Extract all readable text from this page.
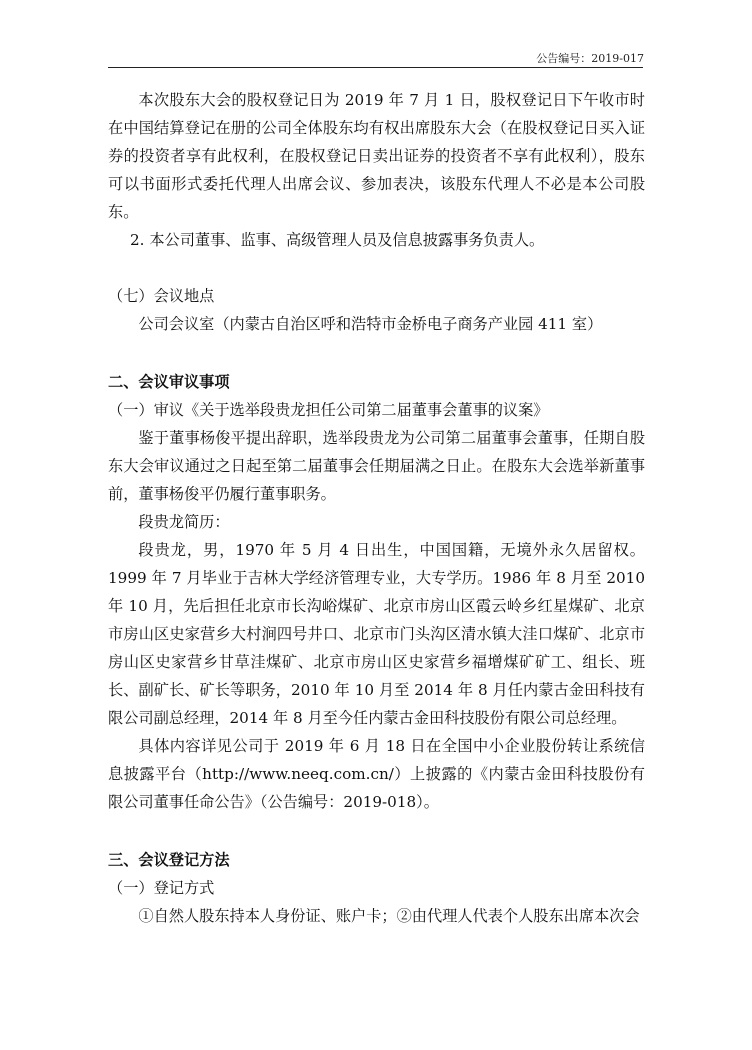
公告编号：2019-017

本次股东大会的股权登记日为 2019 年 7 月 1 日，股权登记日下午收市时在中国结算登记在册的公司全体股东均有权出席股东大会（在股权登记日买入证券的投资者享有此权利，在股权登记日卖出证券的投资者不享有此权利），股东可以书面形式委托代理人出席会议、参加表决，该股东代理人不必是本公司股东。

2. 本公司董事、监事、高级管理人员及信息披露事务负责人。

（七）会议地点

公司会议室（内蒙古自治区呼和浩特市金桥电子商务产业园 411 室）

二、会议审议事项

（一）审议《关于选举段贵龙担任公司第二届董事会董事的议案》

鉴于董事杨俊平提出辞职，选举段贵龙为公司第二届董事会董事，任期自股东大会审议通过之日起至第二届董事会任期届满之日止。在股东大会选举新董事前，董事杨俊平仍履行董事职务。

段贵龙简历：

段贵龙，男，1970 年 5 月 4 日出生，中国国籍，无境外永久居留权。1999 年 7 月毕业于吉林大学经济管理专业，大专学历。1986 年 8 月至 2010 年 10 月，先后担任北京市长沟峪煤矿、北京市房山区霞云岭乡红星煤矿、北京市房山区史家营乡大村涧四号井口、北京市门头沟区清水镇大洼口煤矿、北京市房山区史家营乡甘草洼煤矿、北京市房山区史家营乡福增煤矿矿工、组长、班长、副矿长、矿长等职务，2010 年 10 月至 2014 年 8 月任内蒙古金田科技有限公司副总经理，2014 年 8 月至今任内蒙古金田科技股份有限公司总经理。

具体内容详见公司于 2019 年 6 月 18 日在全国中小企业股份转让系统信息披露平台（http://www.neeq.com.cn/）上披露的《内蒙古金田科技股份有限公司董事任命公告》（公告编号：2019-018）。

三、会议登记方法

（一）登记方式

①自然人股东持本人身份证、账户卡；②由代理人代表个人股东出席本次会
